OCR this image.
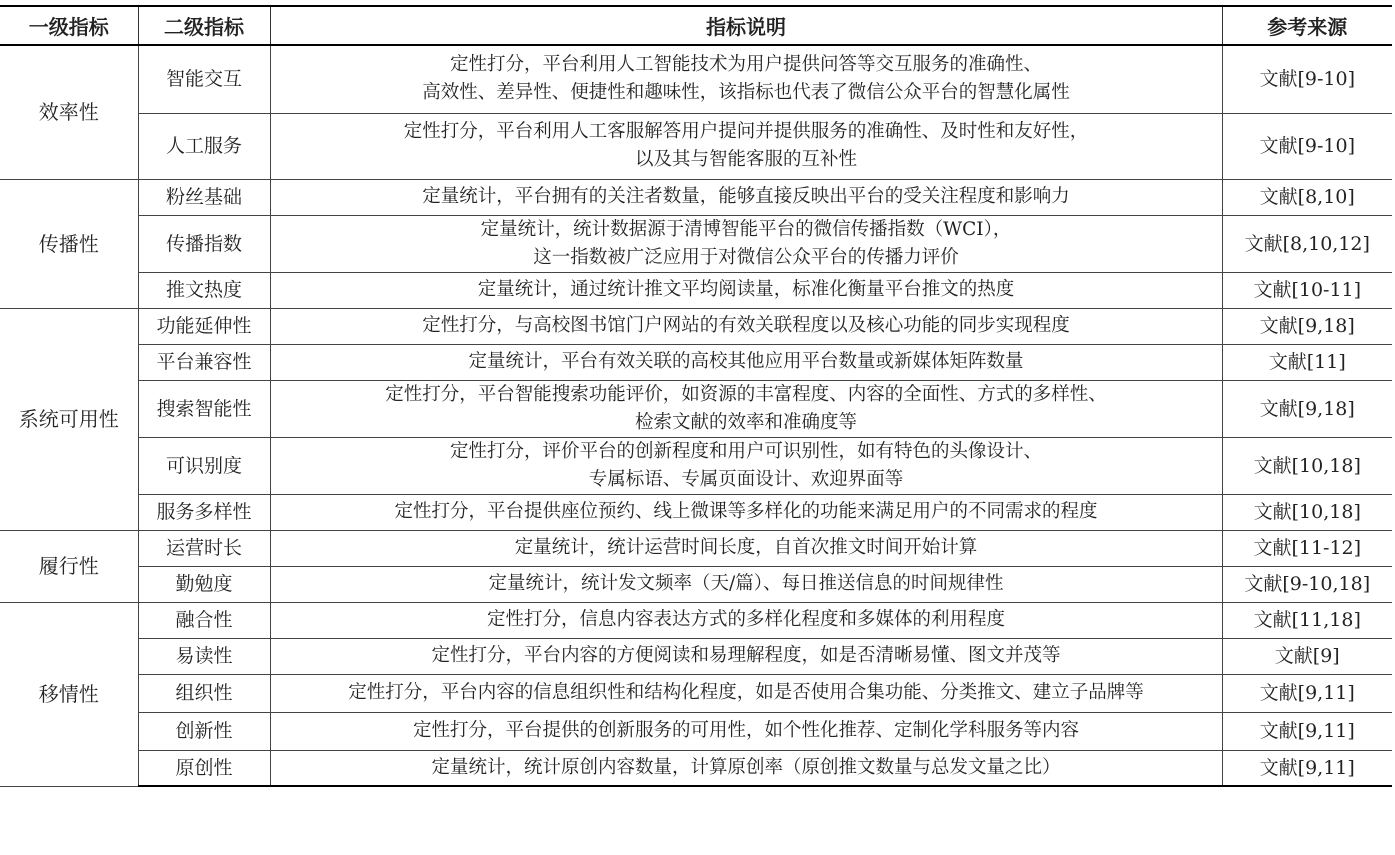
一级指标	二级指标	指标说明	参考来源
效率性	智能交互	定性打分，平台利用人工智能技术为用户提供问答等交互服务的准确性、
高效性、差异性、便捷性和趣味性，该指标也代表了微信公众平台的智慧化属性	文献[9-10]
	人工服务	定性打分，平台利用人工客服解答用户提问并提供服务的准确性、及时性和友好性，
以及其与智能客服的互补性	文献[9-10]
传播性	粉丝基础	定量统计，平台拥有的关注者数量，能够直接反映出平台的受关注程度和影响力	文献[8,10]
	传播指数	定量统计，统计数据源于清博智能平台的微信传播指数（WCI），
这一指数被广泛应用于对微信公众平台的传播力评价	文献[8,10,12]
	推文热度	定量统计，通过统计推文平均阅读量，标准化衡量平台推文的热度	文献[10-11]
系统可用性	功能延伸性	定性打分，与高校图书馆门户网站的有效关联程度以及核心功能的同步实现程度	文献[9,18]
	平台兼容性	定量统计，平台有效关联的高校其他应用平台数量或新媒体矩阵数量	文献[11]
	搜索智能性	定性打分，平台智能搜索功能评价，如资源的丰富程度、内容的全面性、方式的多样性、
检索文献的效率和准确度等	文献[9,18]
	可识别度	定性打分，评价平台的创新程度和用户可识别性，如有特色的头像设计、
专属标语、专属页面设计、欢迎界面等	文献[10,18]
	服务多样性	定性打分，平台提供座位预约、线上微课等多样化的功能来满足用户的不同需求的程度	文献[10,18]
履行性	运营时长	定量统计，统计运营时间长度，自首次推文时间开始计算	文献[11-12]
	勤勉度	定量统计，统计发文频率（天/篇）、每日推送信息的时间规律性	文献[9-10,18]
移情性	融合性	定性打分，信息内容表达方式的多样化程度和多媒体的利用程度	文献[11,18]
	易读性	定性打分，平台内容的方便阅读和易理解程度，如是否清晰易懂、图文并茂等	文献[9]
	组织性	定性打分，平台内容的信息组织性和结构化程度，如是否使用合集功能、分类推文、建立子品牌等	文献[9,11]
	创新性	定性打分，平台提供的创新服务的可用性，如个性化推荐、定制化学科服务等内容	文献[9,11]
	原创性	定量统计，统计原创内容数量，计算原创率（原创推文数量与总发文量之比）	文献[9,11]
